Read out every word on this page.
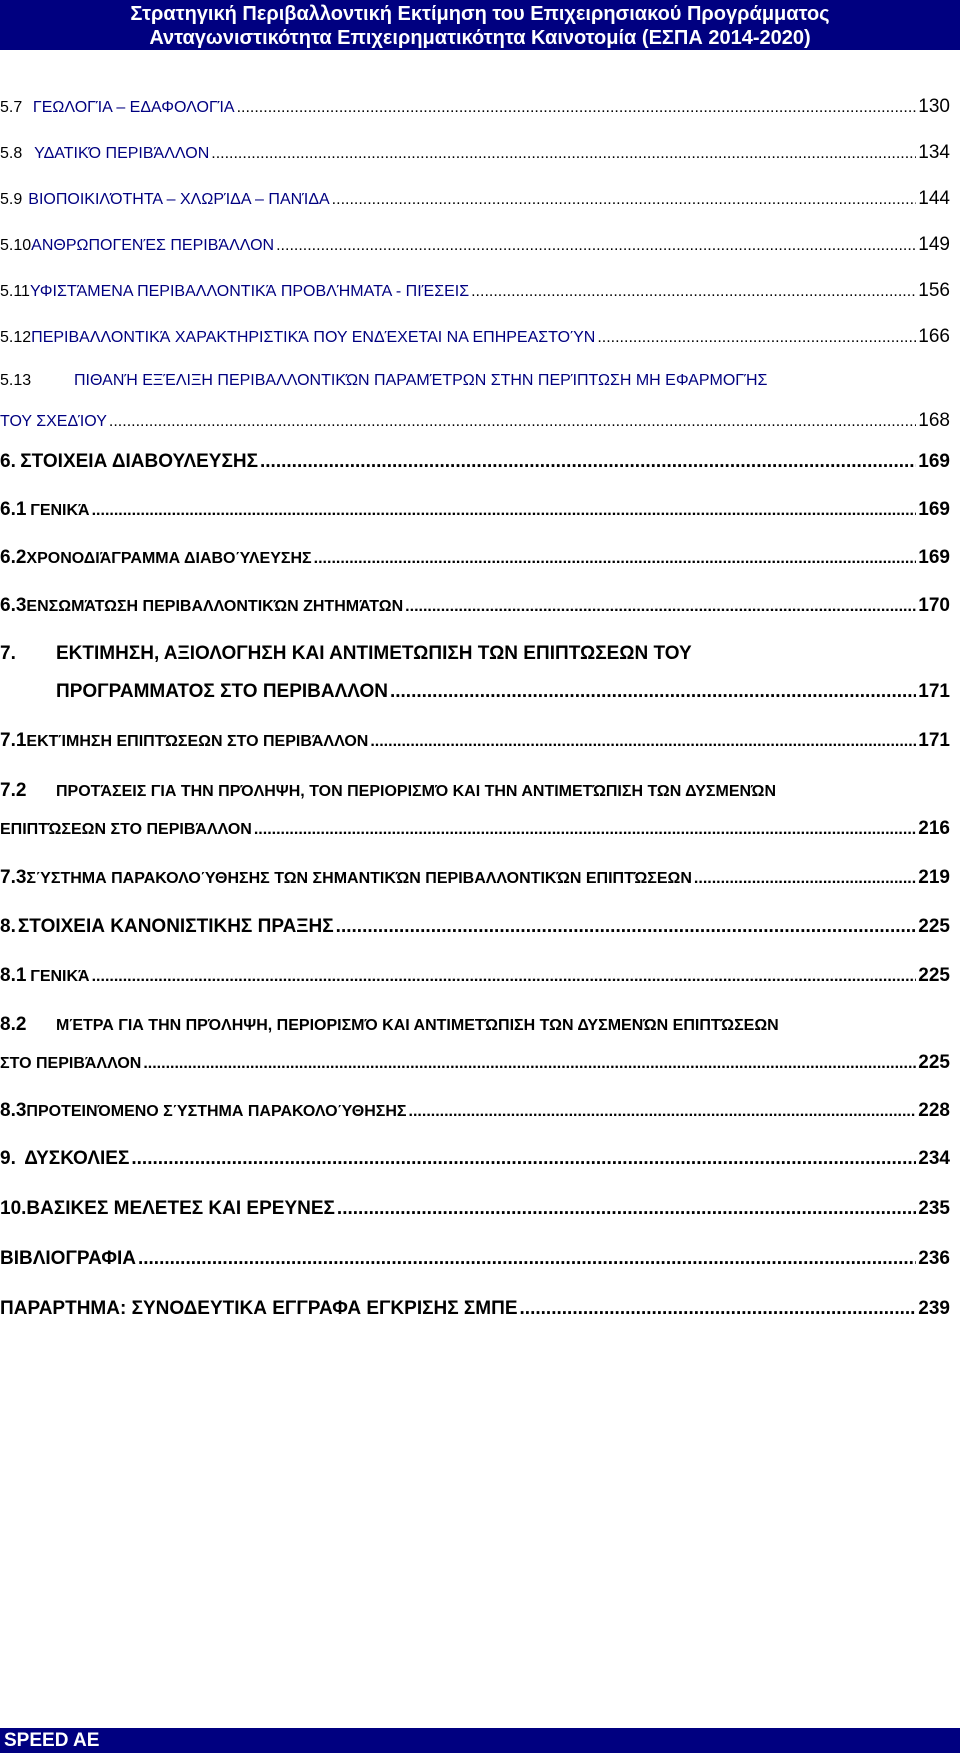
Στρατηγική Περιβαλλοντική Εκτίμηση του Επιχειρησιακού Προγράμματος
Ανταγωνιστικότητα Επιχειρηματικότητα Καινοτομία (ΕΣΠΑ 2014-2020)
5.7 ΓΕΩΛΟΓΊΑ – ΕΔΑΦΟΛΟΓΊΑ .....	130
5.8 ΥΔΑΤΙΚΌ ΠΕΡΙΒΆΛΛΟΝ .....	134
5.9 ΒΙΟΠΟΙΚΙΛΌΤΗΤΑ – ΧΛΩΡΊΔΑ – ΠΑΝΊΔΑ .....	144
5.10 ΑΝΘΡΩΠΟΓΕΝΈΣ ΠΕΡΙΒΆΛΛΟΝ .....	149
5.11 ΥΦΙΣΤΆΜΕΝΑ ΠΕΡΙΒΑΛΛΟΝΤΙΚΆ ΠΡΟΒΛΉΜΑΤΑ - ΠΙΈΣΕΙΣ .....	156
5.12 ΠΕΡΙΒΑΛΛΟΝΤΙΚΆ ΧΑΡΑΚΤΗΡΙΣΤΙΚΆ ΠΟΥ ΕΝΔΈΧΕΤΑΙ ΝΑ ΕΠΗΡΕΑΣΤΟΎΝ .....	166
5.13	ΠΙΘΑΝΉ ΕΞΈΛΙΞΗ ΠΕΡΙΒΑΛΛΟΝΤΙΚΏΝ ΠΑΡΑΜΈΤΡΩΝ ΣΤΗΝ ΠΕΡΊΠΤΩΣΗ ΜΗ ΕΦΑΡΜΟΓΉΣ
ΤΟΥ ΣΧΕΔΊΟΥ .....	168
6. ΣΤΟΙΧΕΙΑ ΔΙΑΒΟΥΛΕΥΣΗΣ .....	169
6.1 ΓΕΝΙΚΆ .....	169
6.2 ΧΡΟΝΟΔΙΆΓΡΑΜΜΑ ΔΙΑΒΟΎΛΕΥΣΗΣ .....	169
6.3 ΕΝΣΩΜΆΤΩΣΗ ΠΕΡΙΒΑΛΛΟΝΤΙΚΏΝ ΖΗΤΗΜΆΤΩΝ .....	170
7.	ΕΚΤΙΜΗΣΗ, ΑΞΙΟΛΟΓΗΣΗ ΚΑΙ ΑΝΤΙΜΕΤΩΠΙΣΗ ΤΩΝ ΕΠΙΠΤΩΣΕΩΝ ΤΟΥ
ΠΡΟΓΡΑΜΜΑΤΟΣ ΣΤΟ ΠΕΡΙΒΑΛΛΟΝ .....	171
7.1 ΕΚΤΊΜΗΣΗ ΕΠΙΠΤΏΣΕΩΝ ΣΤΟ ΠΕΡΙΒΆΛΛΟΝ .....	171
7.2	ΠΡΟΤΆΣΕΙΣ ΓΙΑ ΤΗΝ ΠΡΌΛΗΨΗ, ΤΟΝ ΠΕΡΙΟΡΙΣΜΌ ΚΑΙ ΤΗΝ ΑΝΤΙΜΕΤΏΠΙΣΗ ΤΩΝ ΔΥΣΜΕΝΏΝ
ΕΠΙΠΤΏΣΕΩΝ ΣΤΟ ΠΕΡΙΒΆΛΛΟΝ .....	216
7.3 ΣΎΣΤΗΜΑ ΠΑΡΑΚΟΛΟΎΘΗΣΗΣ ΤΩΝ ΣΗΜΑΝΤΙΚΏΝ ΠΕΡΙΒΑΛΛΟΝΤΙΚΏΝ ΕΠΙΠΤΏΣΕΩΝ .....	219
8. ΣΤΟΙΧΕΙΑ ΚΑΝΟΝΙΣΤΙΚΗΣ ΠΡΑΞΗΣ .....	225
8.1 ΓΕΝΙΚΆ .....	225
8.2	ΜΈΤΡΑ ΓΙΑ ΤΗΝ ΠΡΌΛΗΨΗ, ΠΕΡΙΟΡΙΣΜΌ ΚΑΙ ΑΝΤΙΜΕΤΏΠΙΣΗ ΤΩΝ ΔΥΣΜΕΝΏΝ ΕΠΙΠΤΏΣΕΩΝ
ΣΤΟ ΠΕΡΙΒΆΛΛΟΝ .....	225
8.3 ΠΡΟΤΕΙΝΌΜΕΝΟ ΣΎΣΤΗΜΑ ΠΑΡΑΚΟΛΟΎΘΗΣΗΣ .....	228
9. ΔΥΣΚΟΛΙΕΣ .....	234
10. ΒΑΣΙΚΕΣ ΜΕΛΕΤΕΣ ΚΑΙ ΕΡΕΥΝΕΣ .....	235
ΒΙΒΛΙΟΓΡΑΦΙΑ .....	236
ΠΑΡΑΡΤΗΜΑ: ΣΥΝΟΔΕΥΤΙΚΑ ΕΓΓΡΑΦΑ ΕΓΚΡΙΣΗΣ ΣΜΠΕ .....	239
SPEED AE
